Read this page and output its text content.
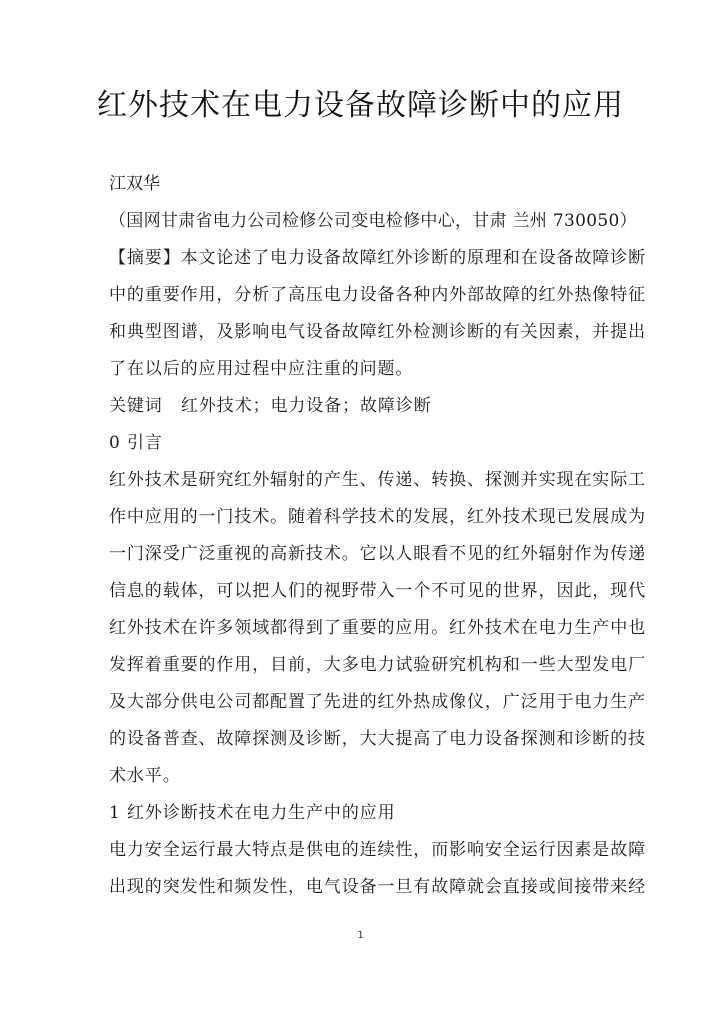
红外技术在电力设备故障诊断中的应用
江双华
（国网甘肃省电力公司检修公司变电检修中心，甘肃 兰州 730050）
【摘要】本文论述了电力设备故障红外诊断的原理和在设备故障诊断
中的重要作用，分析了高压电力设备各种内外部故障的红外热像特征
和典型图谱，及影响电气设备故障红外检测诊断的有关因素，并提出
了在以后的应用过程中应注重的问题。
关键词 红外技术；电力设备；故障诊断
0 引言
红外技术是研究红外辐射的产生、传递、转换、探测并实现在实际工
作中应用的一门技术。随着科学技术的发展，红外技术现已发展成为
一门深受广泛重视的高新技术。它以人眼看不见的红外辐射作为传递
信息的载体，可以把人们的视野带入一个不可见的世界，因此，现代
红外技术在许多领域都得到了重要的应用。红外技术在电力生产中也
发挥着重要的作用，目前，大多电力试验研究机构和一些大型发电厂
及大部分供电公司都配置了先进的红外热成像仪，广泛用于电力生产
的设备普查、故障探测及诊断，大大提高了电力设备探测和诊断的技
术水平。
1 红外诊断技术在电力生产中的应用
电力安全运行最大特点是供电的连续性，而影响安全运行因素是故障
出现的突发性和频发性，电气设备一旦有故障就会直接或间接带来经
1
